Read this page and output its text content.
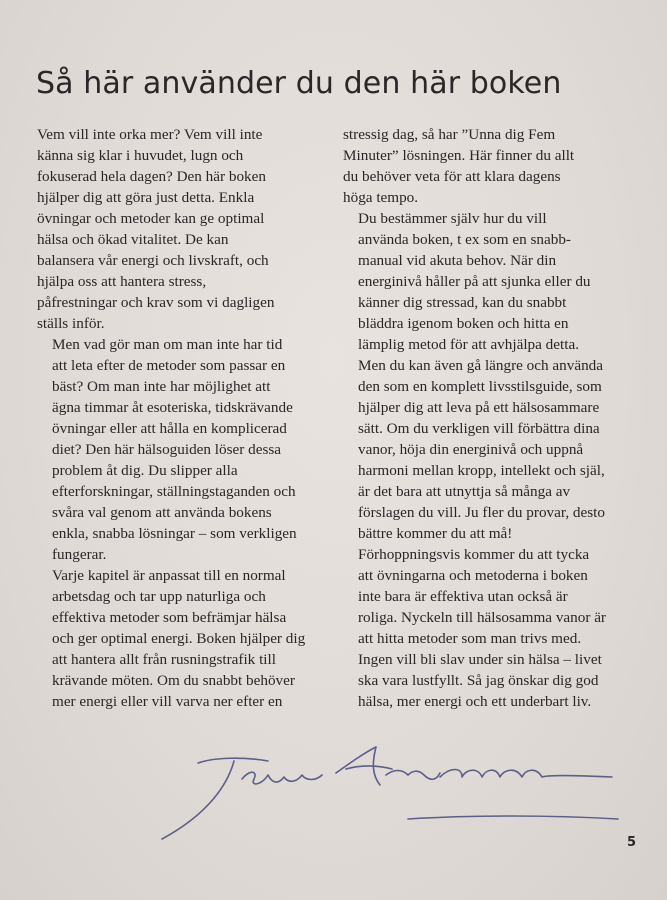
Så här använder du den här boken

Vem vill inte orka mer? Vem vill inte
känna sig klar i huvudet, lugn och
fokuserad hela dagen? Den här boken
hjälper dig att göra just detta. Enkla
övningar och metoder kan ge optimal
hälsa och ökad vitalitet. De kan
balansera vår energi och livskraft, och
hjälpa oss att hantera stress,
påfrestningar och krav som vi dagligen
ställs inför.

Men vad gör man om man inte har tid
att leta efter de metoder som passar en
bäst? Om man inte har möjlighet att
ägna timmar åt esoteriska, tidskrävande
övningar eller att hålla en komplicerad
diet? Den här hälsoguiden löser dessa
problem åt dig. Du slipper alla
efterforskningar, ställningstaganden och
svåra val genom att använda bokens
enkla, snabba lösningar – som verkligen
fungerar.

Varje kapitel är anpassat till en normal
arbetsdag och tar upp naturliga och
effektiva metoder som befrämjar hälsa
och ger optimal energi. Boken hjälper dig
att hantera allt från rusningstrafik till
krävande möten. Om du snabbt behöver
mer energi eller vill varva ner efter en

stressig dag, så har ”Unna dig Fem
Minuter” lösningen. Här finner du allt
du behöver veta för att klara dagens
höga tempo.

Du bestämmer själv hur du vill
använda boken, t ex som en snabb-
manual vid akuta behov. När din
energinivå håller på att sjunka eller du
känner dig stressad, kan du snabbt
bläddra igenom boken och hitta en
lämplig metod för att avhjälpa detta.
Men du kan även gå längre och använda
den som en komplett livsstilsguide, som
hjälper dig att leva på ett hälsosammare
sätt. Om du verkligen vill förbättra dina
vanor, höja din energinivå och uppnå
harmoni mellan kropp, intellekt och själ,
är det bara att utnyttja så många av
förslagen du vill. Ju fler du provar, desto
bättre kommer du att må!

Förhoppningsvis kommer du att tycka
att övningarna och metoderna i boken
inte bara är effektiva utan också är
roliga. Nyckeln till hälsosamma vanor är
att hitta metoder som man trivs med.
Ingen vill bli slav under sin hälsa – livet
ska vara lustfyllt. Så jag önskar dig god
hälsa, mer energi och ett underbart liv.

5
